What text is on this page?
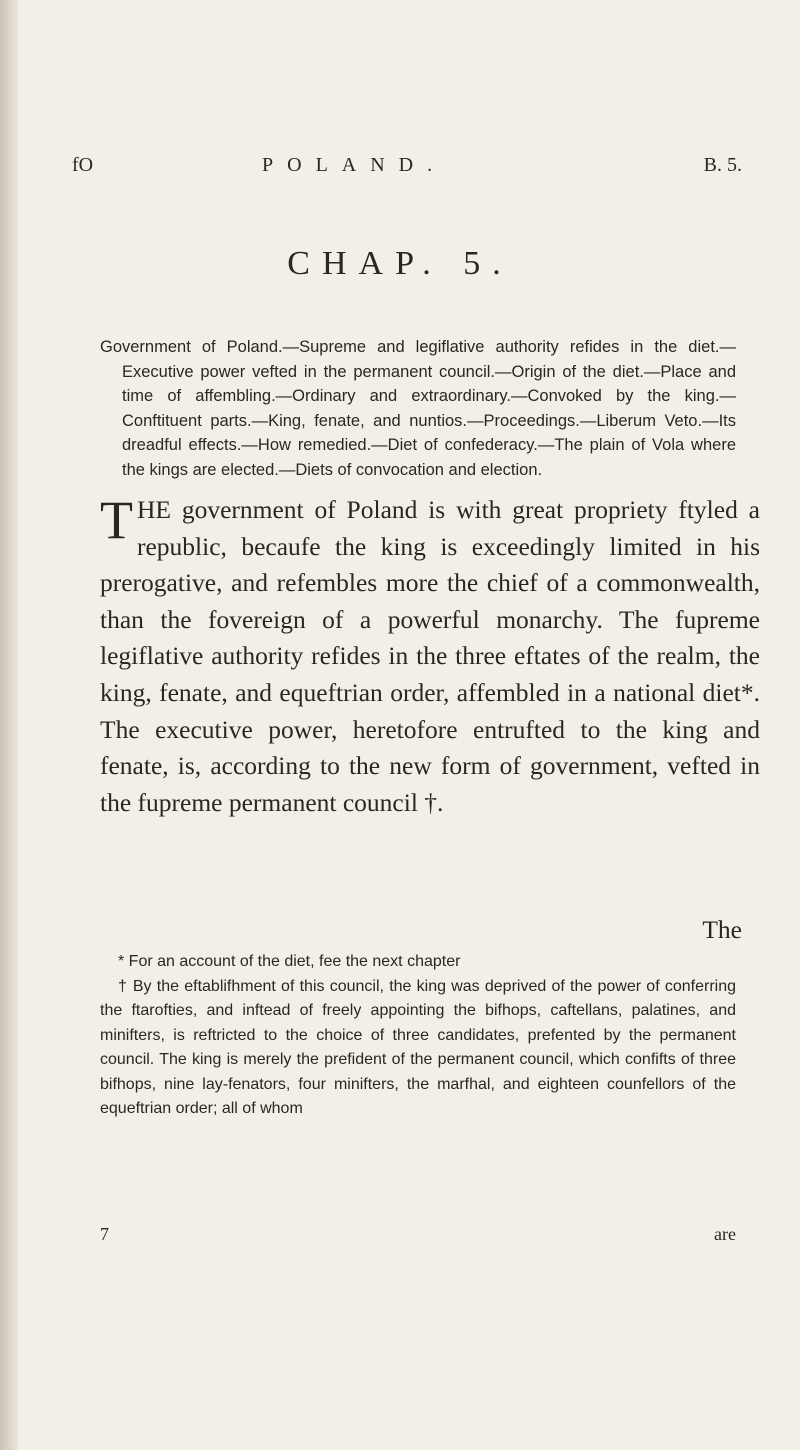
fO	POLAND.	B. 5.
CHAP. 5.
Government of Poland.—Supreme and legiflative authority refides in the diet.—Executive power vefted in the permanent council.—Origin of the diet.—Place and time of affembling.—Ordinary and extraordinary.—Convoked by the king.—Conftituent parts.—King, fenate, and nuntios.—Proceedings.—Liberum Veto.—Its dreadful effects.—How remedied.—Diet of confederacy.—The plain of Vola where the kings are elected.—Diets of convocation and election.
THE government of Poland is with great propriety ftyled a republic, becaufe the king is exceedingly limited in his prerogative, and refembles more the chief of a commonwealth, than the fovereign of a powerful monarchy. The fupreme legiflative authority refides in the three eftates of the realm, the king, fenate, and equeftrian order, affembled in a national diet*. The executive power, heretofore entrufted to the king and fenate, is, according to the new form of government, vefted in the fupreme permanent council †.
The

* For an account of the diet, fee the next chapter

† By the eftablifhment of this council, the king was deprived of the power of conferring the ftarofties, and inftead of freely appointing the bifhops, caftellans, palatines, and minifters, is reftricted to the choice of three candidates, prefented by the permanent council. The king is merely the prefident of the permanent council, which confifts of three bifhops, nine lay-fenators, four minifters, the marfhal, and eighteen counfellors of the equeftrian order; all of whom

7	are
